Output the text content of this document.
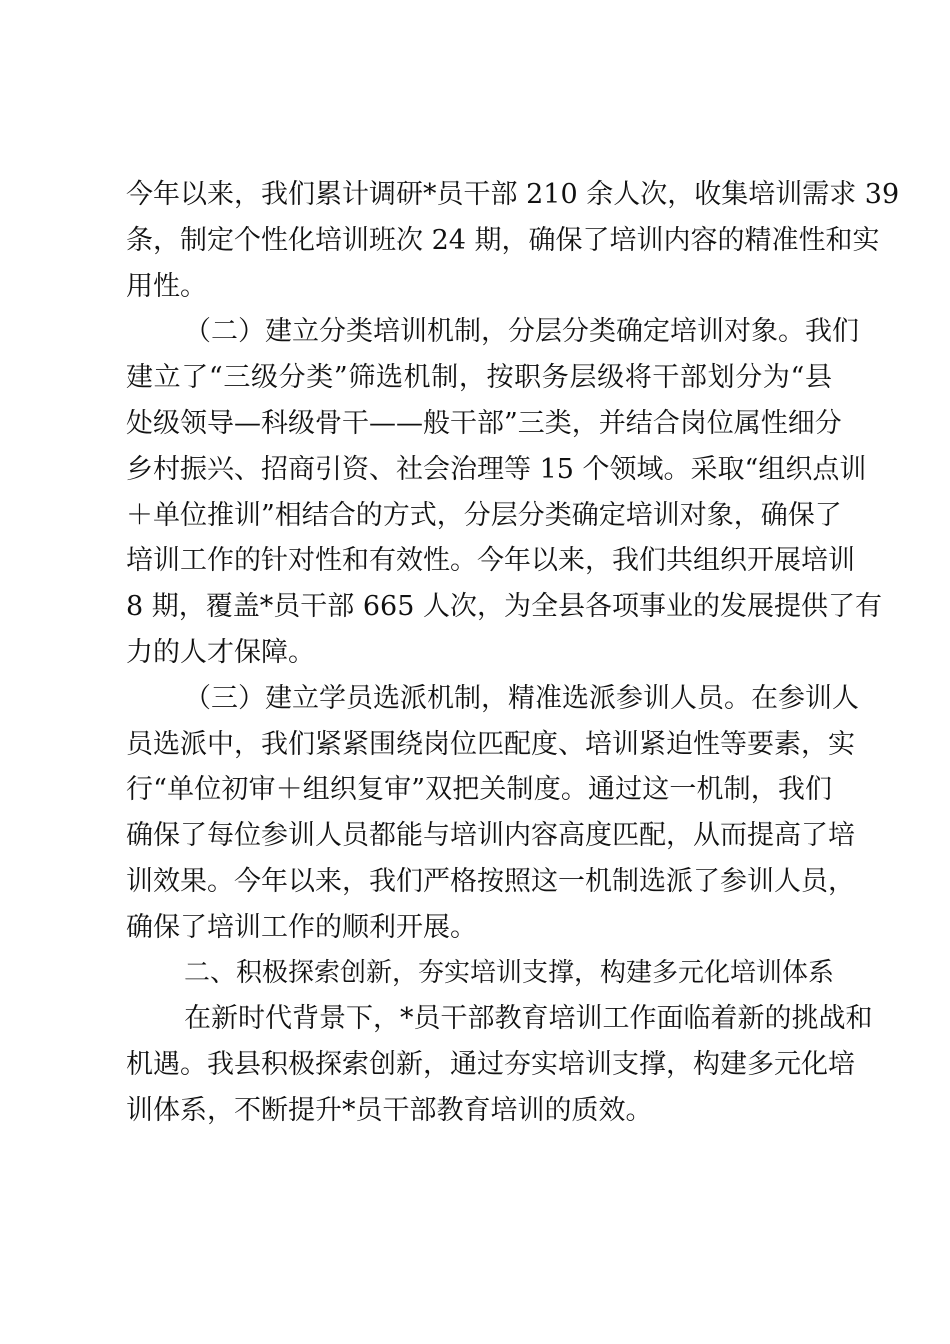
今年以来，我们累计调研*员干部 210 余人次，收集培训需求 39
条，制定个性化培训班次 24 期，确保了培训内容的精准性和实
用性。
（二）建立分类培训机制，分层分类确定培训对象。我们
建立了“三级分类”筛选机制，按职务层级将干部划分为“县
处级领导—科级骨干——般干部”三类，并结合岗位属性细分
乡村振兴、招商引资、社会治理等 15 个领域。采取“组织点训
＋单位推训”相结合的方式，分层分类确定培训对象，确保了
培训工作的针对性和有效性。今年以来，我们共组织开展培训
8 期，覆盖*员干部 665 人次，为全县各项事业的发展提供了有
力的人才保障。
（三）建立学员选派机制，精准选派参训人员。在参训人
员选派中，我们紧紧围绕岗位匹配度、培训紧迫性等要素，实
行“单位初审＋组织复审”双把关制度。通过这一机制，我们
确保了每位参训人员都能与培训内容高度匹配，从而提高了培
训效果。今年以来，我们严格按照这一机制选派了参训人员，
确保了培训工作的顺利开展。
二、积极探索创新，夯实培训支撑，构建多元化培训体系
在新时代背景下，*员干部教育培训工作面临着新的挑战和
机遇。我县积极探索创新，通过夯实培训支撑，构建多元化培
训体系，不断提升*员干部教育培训的质效。
